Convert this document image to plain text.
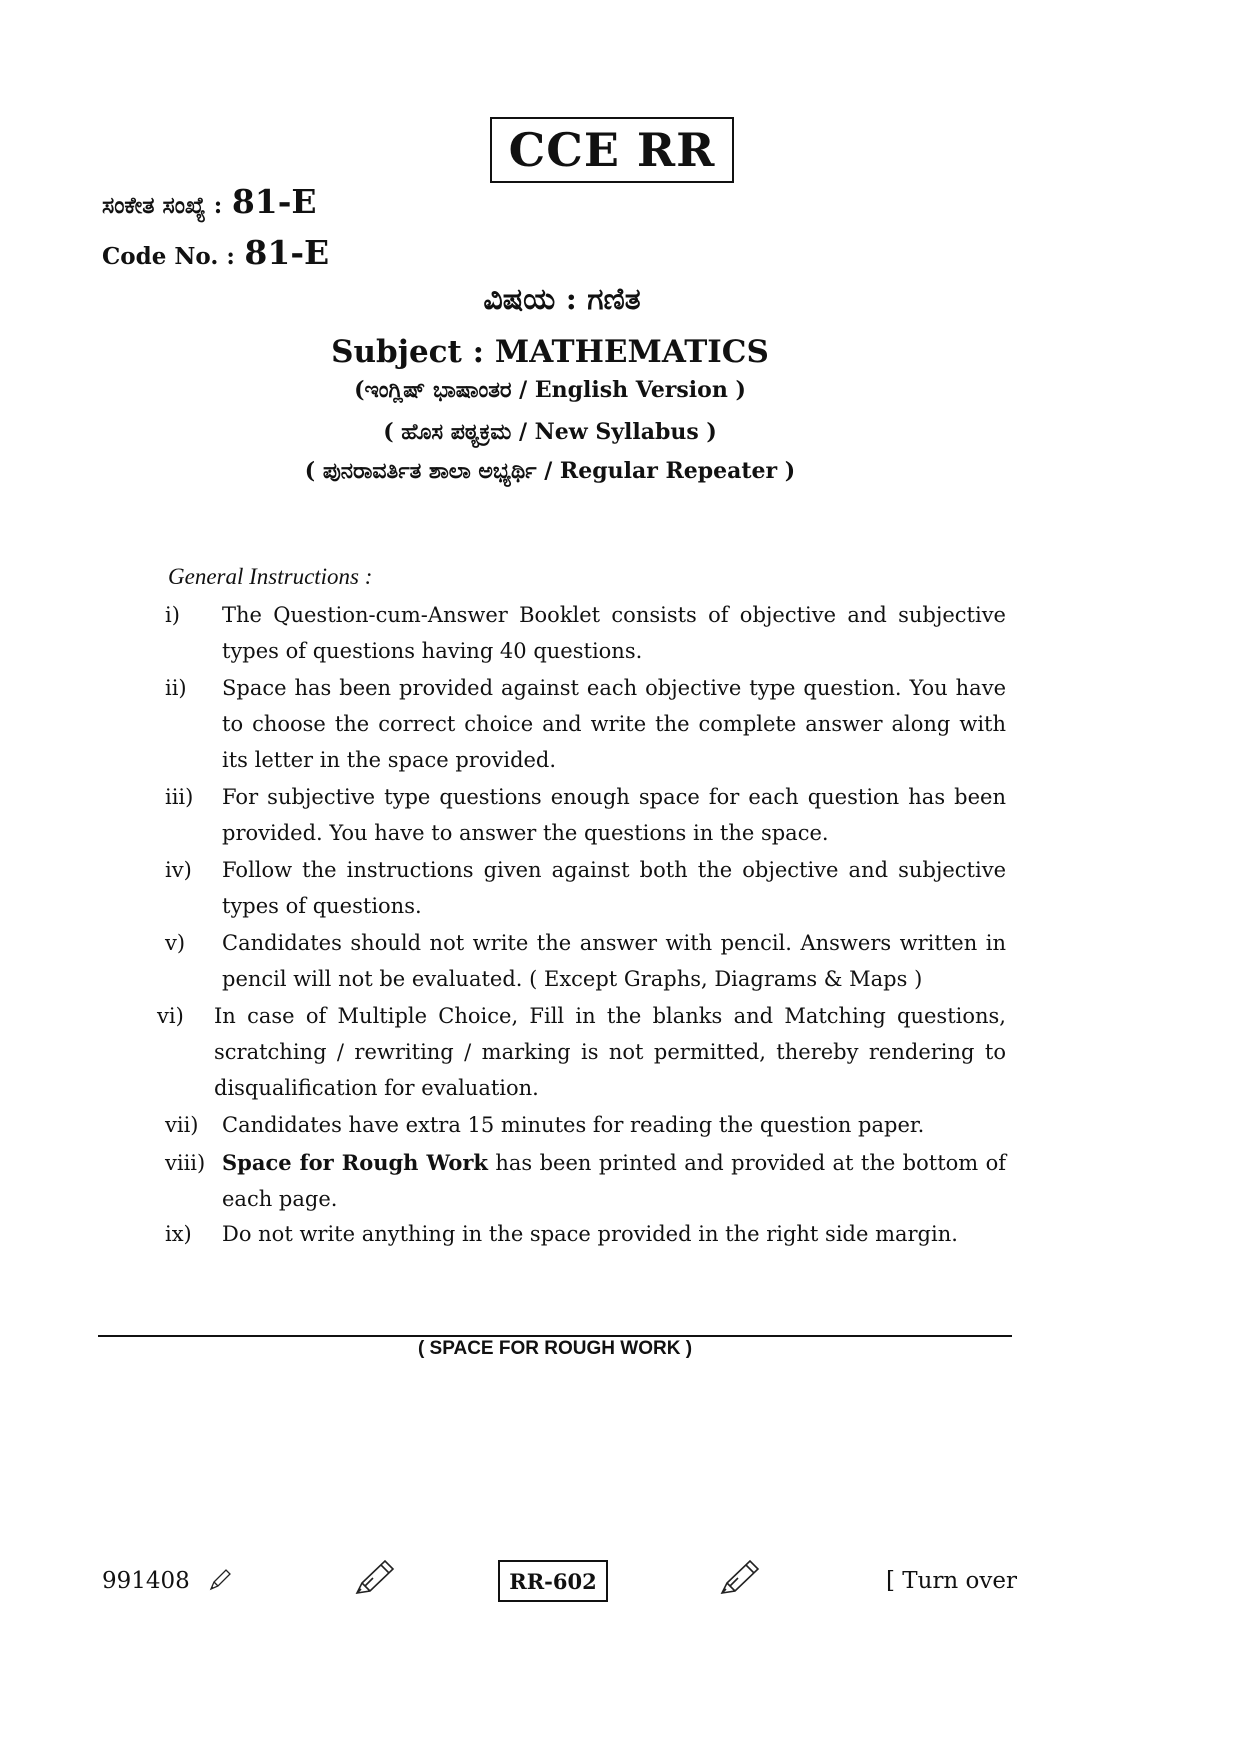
CCE RR
ಸಂಕೇತ ಸಂಖ್ಯೆ : 81-E
Code No. : 81-E
ವಿಷಯ : ಗಣಿತ
Subject : MATHEMATICS
(ಇಂಗ್ಲಿಷ್ ಭಾಷಾಂತರ / English Version )
( ಹೊಸ ಪಠ್ಯಕ್ರಮ / New Syllabus )
( ಪುನರಾವರ್ತಿತ ಶಾಲಾ ಅಭ್ಯರ್ಥಿ / Regular Repeater )
General Instructions :
i) The Question-cum-Answer Booklet consists of objective and subjective types of questions having 40 questions.
ii) Space has been provided against each objective type question. You have to choose the correct choice and write the complete answer along with its letter in the space provided.
iii) For subjective type questions enough space for each question has been provided. You have to answer the questions in the space.
iv) Follow the instructions given against both the objective and subjective types of questions.
v) Candidates should not write the answer with pencil. Answers written in pencil will not be evaluated. ( Except Graphs, Diagrams & Maps )
vi) In case of Multiple Choice, Fill in the blanks and Matching questions, scratching / rewriting / marking is not permitted, thereby rendering to disqualification for evaluation.
vii) Candidates have extra 15 minutes for reading the question paper.
viii) Space for Rough Work has been printed and provided at the bottom of each page.
ix) Do not write anything in the space provided in the right side margin.
( SPACE FOR ROUGH WORK )
991408	RR-602	[ Turn over
